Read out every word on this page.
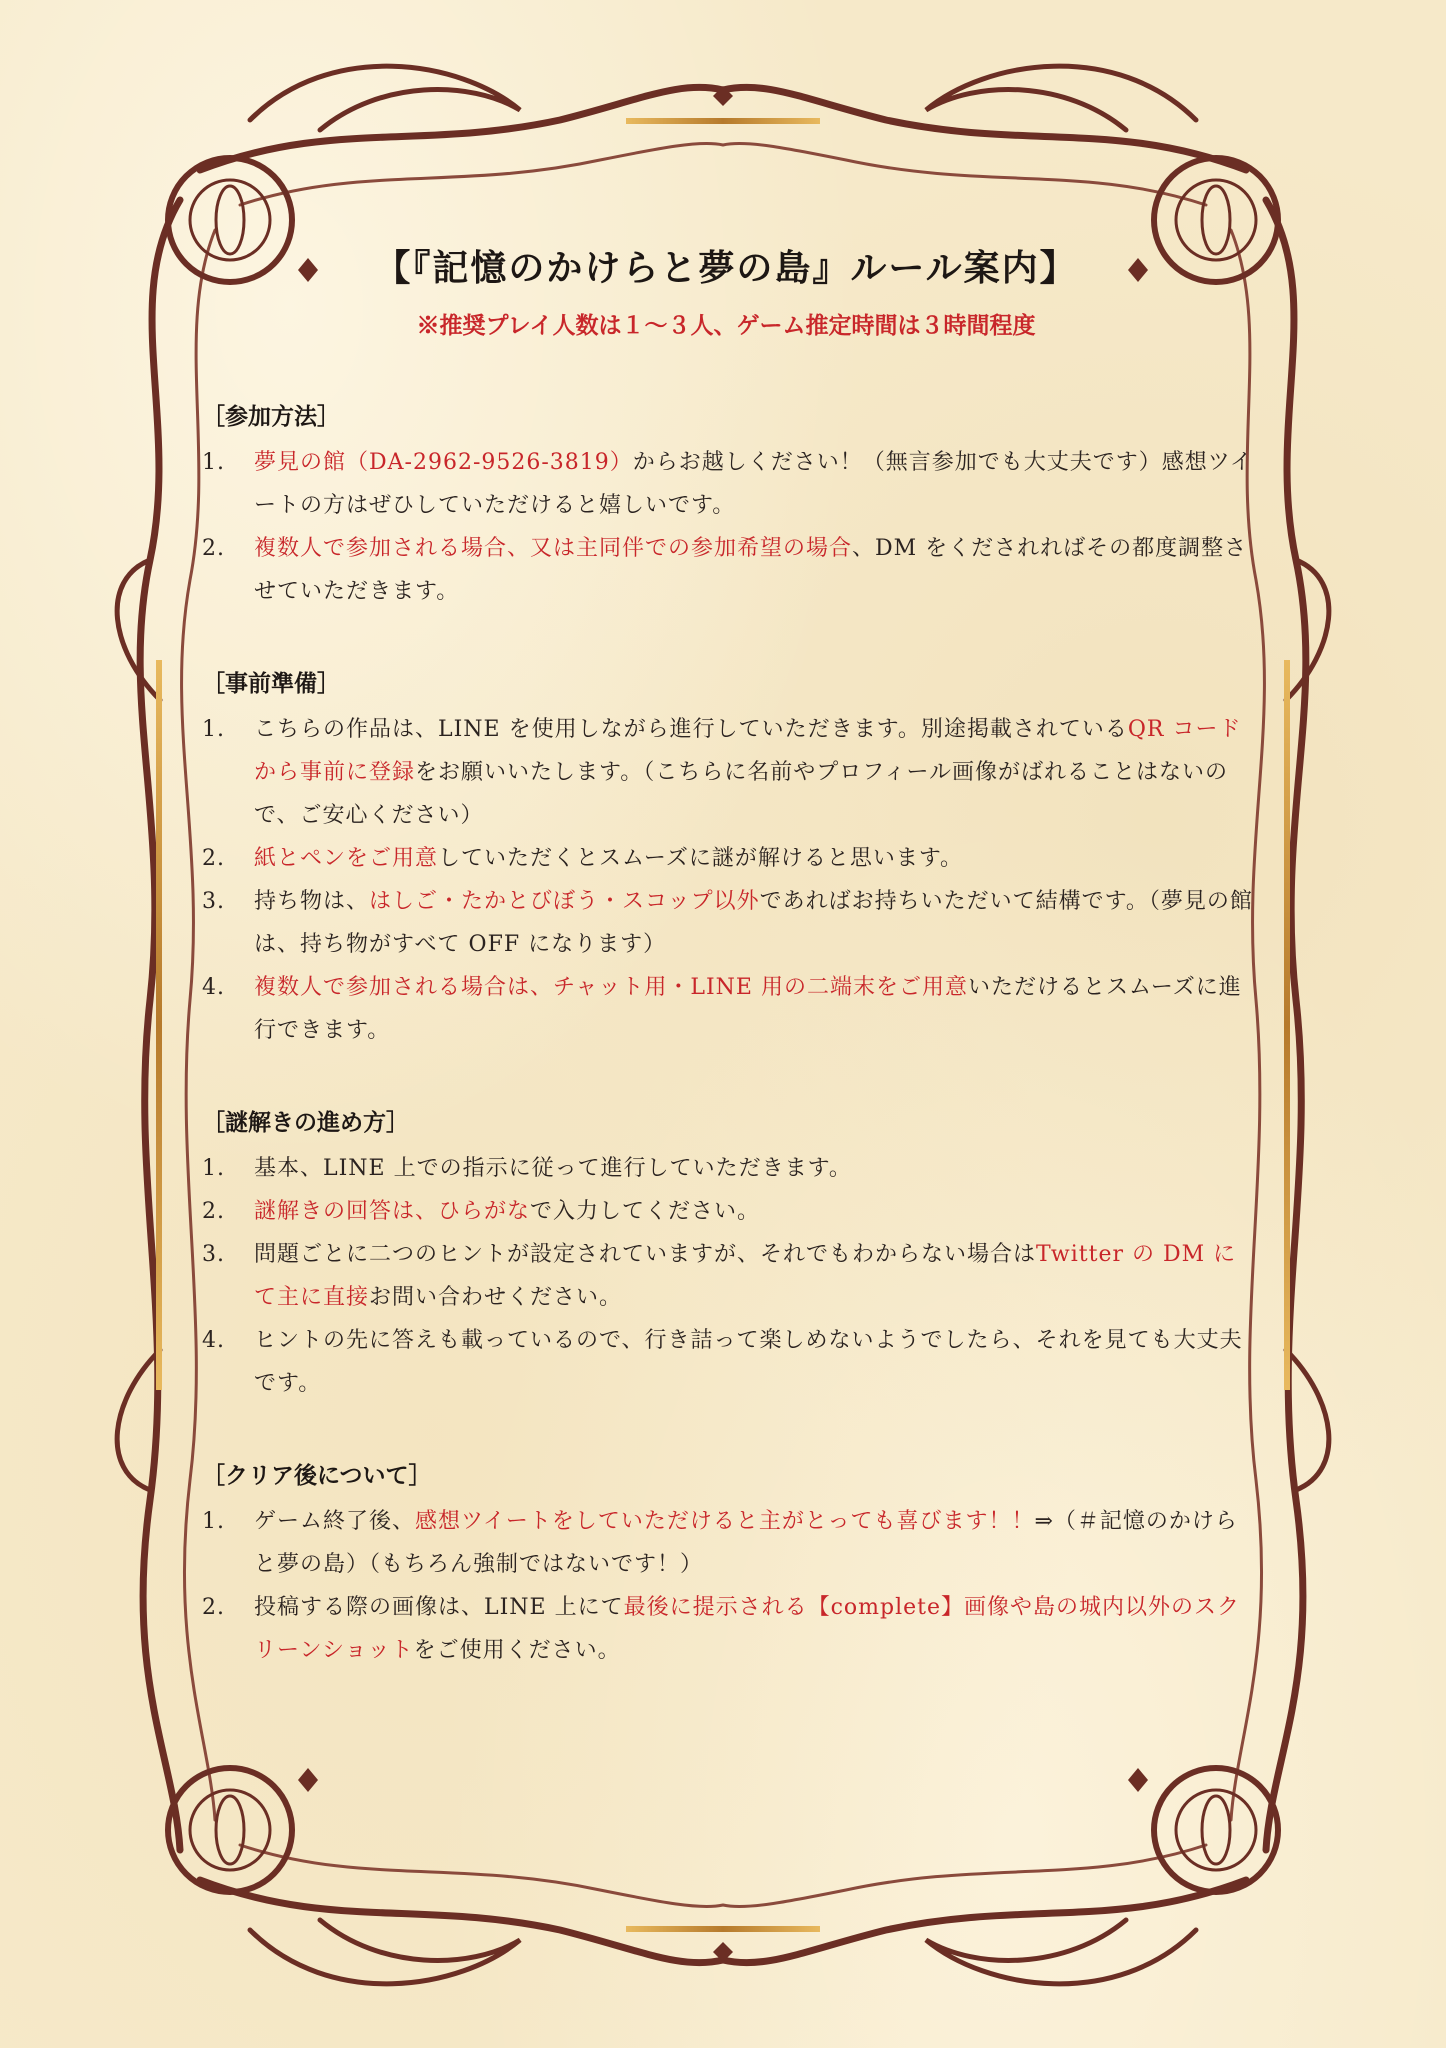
【『記憶のかけらと夢の島』ルール案内】
※推奨プレイ人数は１～３人、ゲーム推定時間は３時間程度
［参加方法］
1.	夢見の館（DA-2962-9526-3819）からお越しください！（無言参加でも大丈夫です）感想ツイートの方はぜひしていただけると嬉しいです。
2.	複数人で参加される場合、又は主同伴での参加希望の場合、DM をくだされればその都度調整させていただきます。
［事前準備］
1.	こちらの作品は、LINE を使用しながら進行していただきます。別途掲載されているQR コードから事前に登録をお願いいたします。（こちらに名前やプロフィール画像がばれることはないので、ご安心ください）
2.	紙とペンをご用意していただくとスムーズに謎が解けると思います。
3.	持ち物は、はしご・たかとびぼう・スコップ以外であればお持ちいただいて結構です。（夢見の館は、持ち物がすべて OFF になります）
4.	複数人で参加される場合は、チャット用・LINE 用の二端末をご用意いただけるとスムーズに進行できます。
［謎解きの進め方］
1.	基本、LINE 上での指示に従って進行していただきます。
2.	謎解きの回答は、ひらがなで入力してください。
3.	問題ごとに二つのヒントが設定されていますが、それでもわからない場合はTwitter の DM にて主に直接お問い合わせください。
4.	ヒントの先に答えも載っているので、行き詰って楽しめないようでしたら、それを見ても大丈夫です。
［クリア後について］
1.	ゲーム終了後、感想ツイートをしていただけると主がとっても喜びます！！⇒（＃記憶のかけらと夢の島）（もちろん強制ではないです！）
2.	投稿する際の画像は、LINE 上にて最後に提示される【complete】画像や島の城内以外のスクリーンショットをご使用ください。
